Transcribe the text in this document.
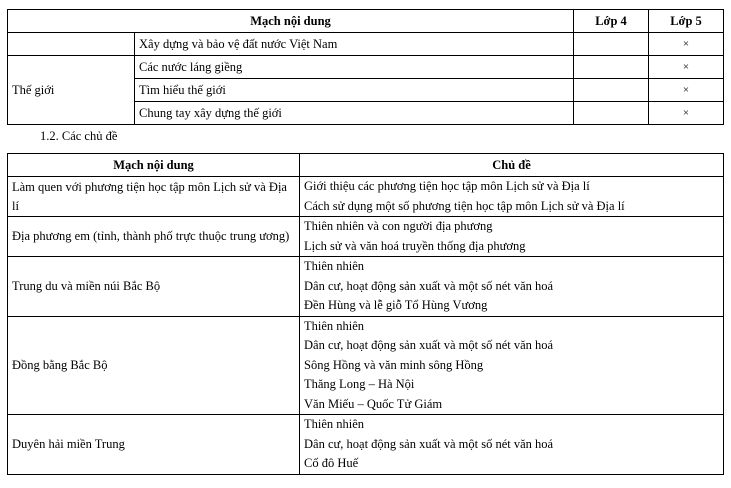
Mạch nội dung		Lớp 4	Lớp 5
	Xây dựng và bảo vệ đất nước Việt Nam		×
Thế giới	Các nước láng giềng		×
	Tìm hiểu thế giới		×
	Chung tay xây dựng thế giới		×
1.2. Các chủ đề
Mạch nội dung	Chủ đề
Làm quen với phương tiện học tập môn Lịch sử và Địa lí	Giới thiệu các phương tiện học tập môn Lịch sử và Địa lí
Cách sử dụng một số phương tiện học tập môn Lịch sử và Địa lí

Địa phương em (tỉnh, thành phố trực thuộc trung ương)	Thiên nhiên và con người địa phương
Lịch sử và văn hoá truyền thống địa phương

Trung du và miền núi Bắc Bộ	Thiên nhiên
Dân cư, hoạt động sản xuất và một số nét văn hoá
Đền Hùng và lễ giỗ Tổ Hùng Vương

Đồng bằng Bắc Bộ	Thiên nhiên
Dân cư, hoạt động sản xuất và một số nét văn hoá
Sông Hồng và văn minh sông Hồng
Thăng Long – Hà Nội
Văn Miếu – Quốc Tử Giám

Duyên hải miền Trung	Thiên nhiên
Dân cư, hoạt động sản xuất và một số nét văn hoá
Cố đô Huế
